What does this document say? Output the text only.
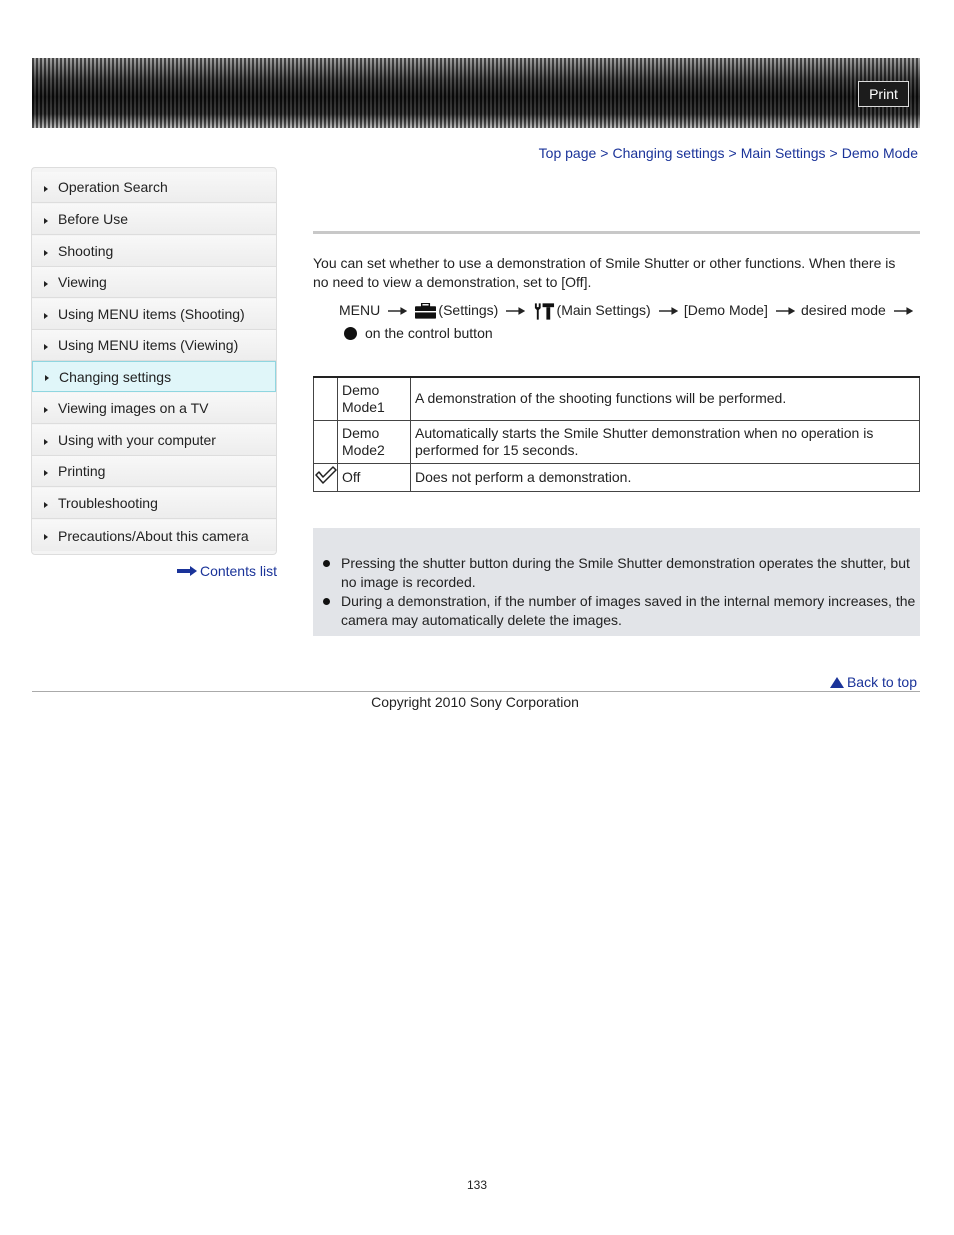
Print
Top page > Changing settings > Main Settings > Demo Mode
Operation Search
Before Use
Shooting
Viewing
Using MENU items (Shooting)
Using MENU items (Viewing)
Changing settings
Viewing images on a TV
Using with your computer
Printing
Troubleshooting
Precautions/About this camera
Contents list
You can set whether to use a demonstration of Smile Shutter or other functions. When there is no need to view a demonstration, set to [Off].
MENU	(Settings)	(Main Settings) [Demo Mode] desired mode
on the control button
	Demo Mode1	A demonstration of the shooting functions will be performed.
	Demo Mode2	Automatically starts the Smile Shutter demonstration when no operation is performed for 15 seconds.
	Off	Does not perform a demonstration.
Pressing the shutter button during the Smile Shutter demonstration operates the shutter, but no image is recorded.
During a demonstration, if the number of images saved in the internal memory increases, the camera may automatically delete the images.
Back to top
Copyright 2010 Sony Corporation
133
